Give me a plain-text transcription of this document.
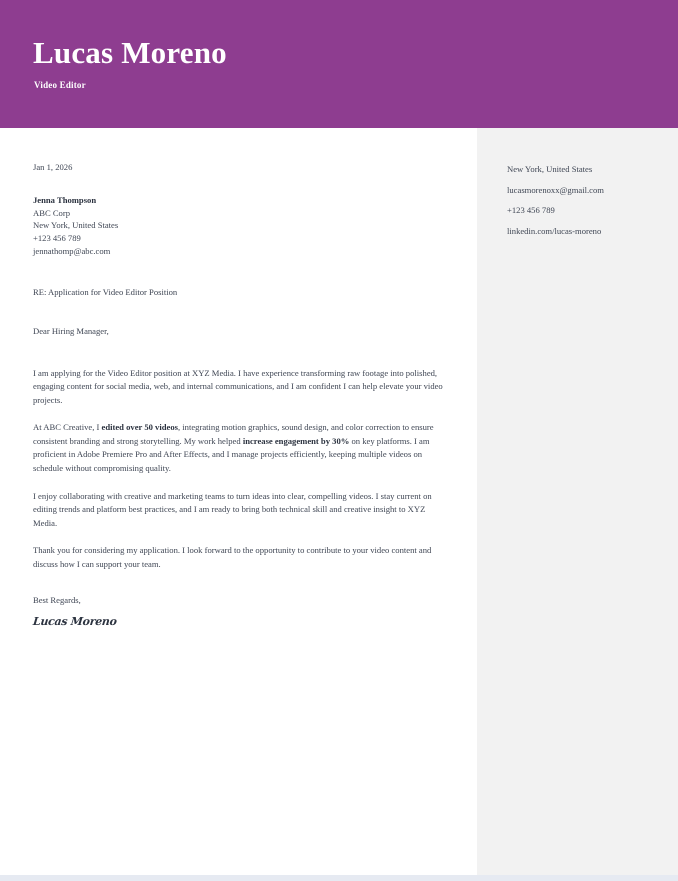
Lucas Moreno
Video Editor
Jan 1, 2026
Jenna Thompson
ABC Corp
New York, United States
+123 456 789
jennathomp@abc.com
RE: Application for Video Editor Position
Dear Hiring Manager,
I am applying for the Video Editor position at XYZ Media. I have experience transforming raw footage into polished, engaging content for social media, web, and internal communications, and I am confident I can help elevate your video projects.
At ABC Creative, I edited over 50 videos, integrating motion graphics, sound design, and color correction to ensure consistent branding and strong storytelling. My work helped increase engagement by 30% on key platforms. I am proficient in Adobe Premiere Pro and After Effects, and I manage projects efficiently, keeping multiple videos on schedule without compromising quality.
I enjoy collaborating with creative and marketing teams to turn ideas into clear, compelling videos. I stay current on editing trends and platform best practices, and I am ready to bring both technical skill and creative insight to XYZ Media.
Thank you for considering my application. I look forward to the opportunity to contribute to your video content and discuss how I can support your team.
Best Regards,
Lucas Moreno
New York, United States
lucasmorenoxx@gmail.com
+123 456 789
linkedin.com/lucas-moreno
